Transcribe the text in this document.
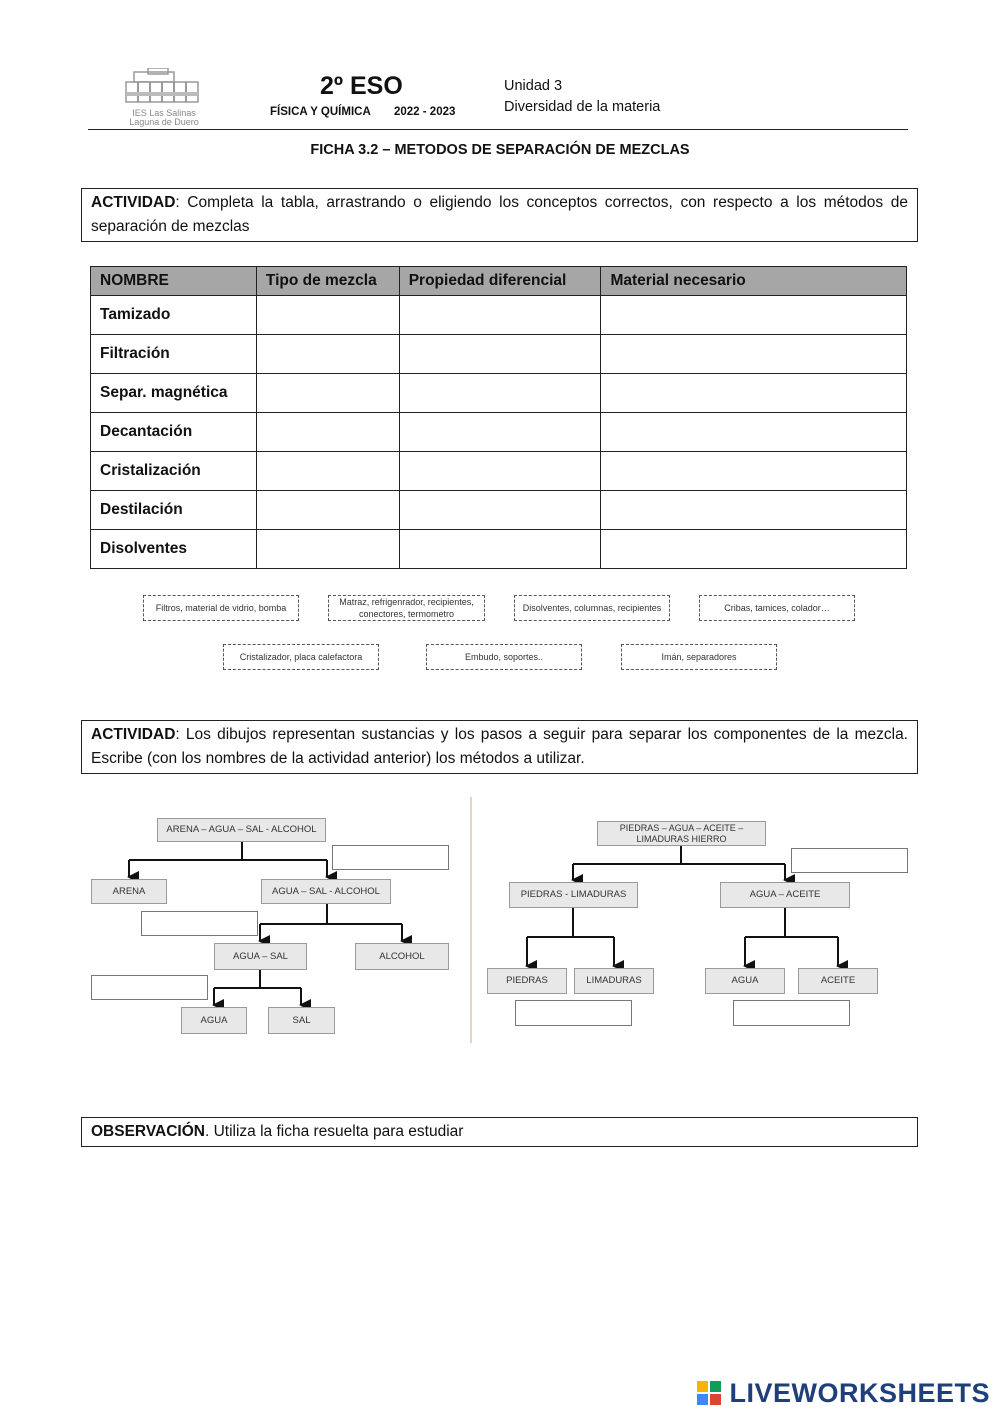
IES Las Salinas
Laguna de Duero
2º ESO
FÍSICA Y QUÍMICA 2022 - 2023
Unidad 3
Diversidad de la materia
FICHA 3.2 – METODOS DE SEPARACIÓN DE MEZCLAS
ACTIVIDAD: Completa la tabla, arrastrando o eligiendo los conceptos correctos, con respecto a los métodos de separación de mezclas
NOMBRE	Tipo de mezcla	Propiedad diferencial	Material necesario
Tamizado			
Filtración			
Separ. magnética			
Decantación			
Cristalización			
Destilación			
Disolventes			
Filtros, material de vidrio, bomba
Matraz, refrigenrador, recipientes, conectores, termometro
Disolventes, columnas, recipientes	Cribas, tamices, colador…
Cristalizador, placa calefactora	Embudo, soportes..	Imán, separadores
ACTIVIDAD: Los dibujos representan sustancias y los pasos a seguir para separar los componentes de la mezcla. Escribe (con los nombres de la actividad anterior) los métodos a utilizar.
ARENA – AGUA – SAL - ALCOHOL
ARENA	AGUA – SAL - ALCOHOL
AGUA – SAL	ALCOHOL
AGUA	SAL
PIEDRAS – AGUA – ACEITE – LIMADURAS HIERRO
PIEDRAS - LIMADURAS	AGUA – ACEITE
PIEDRAS	LIMADURAS	AGUA	ACEITE
OBSERVACIÓN. Utiliza la ficha resuelta para estudiar
LIVEWORKSHEETS
